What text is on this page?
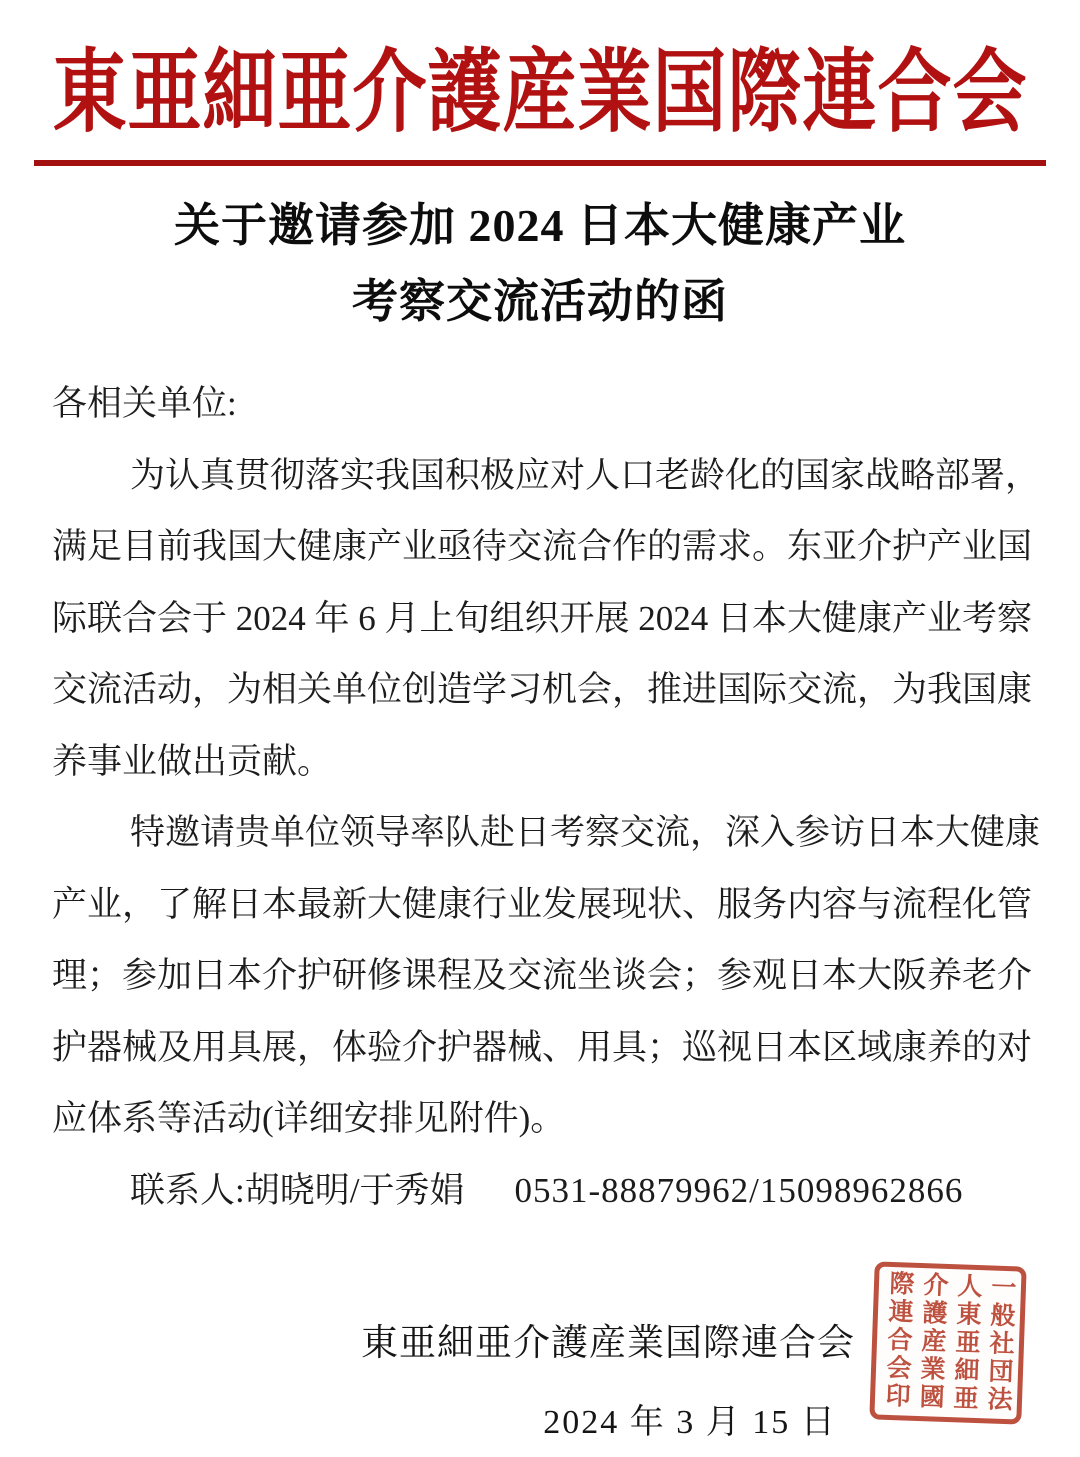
東亜細亜介護産業国際連合会
关于邀请参加 2024 日本大健康产业
考察交流活动的函
各相关单位:
为认真贯彻落实我国积极应对人口老龄化的国家战略部署，
满足目前我国大健康产业亟待交流合作的需求。东亚介护产业国
际联合会于 2024 年 6 月上旬组织开展 2024 日本大健康产业考察
交流活动，为相关单位创造学习机会，推进国际交流，为我国康
养事业做出贡献。
特邀请贵单位领导率队赴日考察交流，深入参访日本大健康
产业，了解日本最新大健康行业发展现状、服务内容与流程化管
理；参加日本介护研修课程及交流坐谈会；参观日本大阪养老介
护器械及用具展，体验介护器械、用具；巡视日本区域康养的对
应体系等活动(详细安排见附件)。
联系人:胡晓明/于秀娟 0531-88879962/15098962866
東亜細亜介護産業国際連合会
2024 年 3 月 15 日
一般社団法人東亜細亜介護産業國際連合会印
